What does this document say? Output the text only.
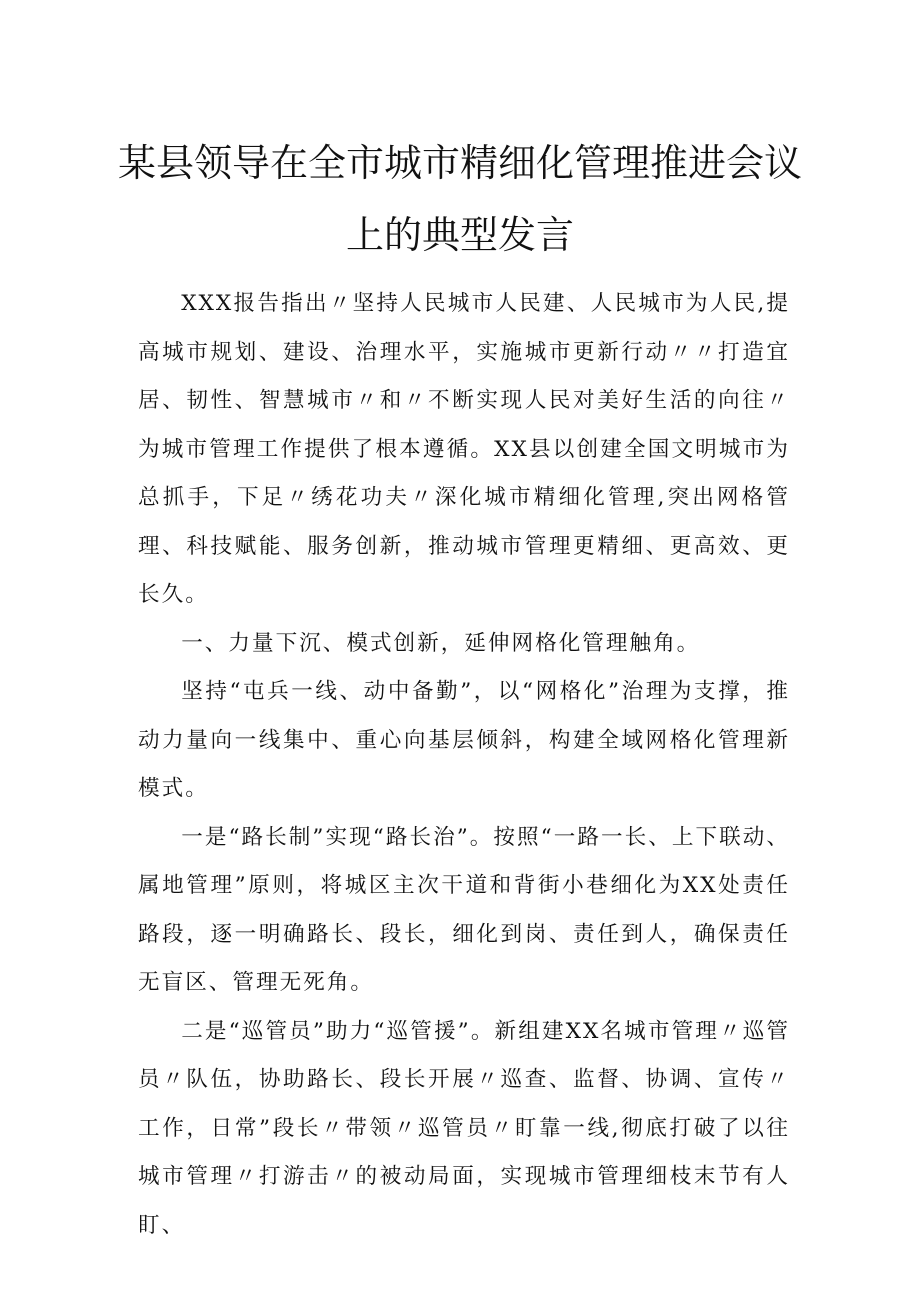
某县领导在全市城市精细化管理推进会议
上的典型发言

XXX报告指出〃坚持人民城市人民建、人民城市为人民,提高城市规划、建设、治理水平，实施城市更新行动〃〃打造宜居、韧性、智慧城市〃和〃不断实现人民对美好生活的向往〃为城市管理工作提供了根本遵循。XX县以创建全国文明城市为总抓手，下足〃绣花功夫〃深化城市精细化管理,突出网格管理、科技赋能、服务创新，推动城市管理更精细、更高效、更长久。

一、力量下沉、模式创新，延伸网格化管理触角。

坚持“屯兵一线、动中备勤”，以“网格化”治理为支撑，推动力量向一线集中、重心向基层倾斜，构建全域网格化管理新模式。

一是“路长制”实现“路长治”。按照“一路一长、上下联动、属地管理”原则，将城区主次干道和背街小巷细化为XX处责任路段，逐一明确路长、段长，细化到岗、责任到人，确保责任无盲区、管理无死角。

二是“巡管员”助力“巡管援”。新组建XX名城市管理〃巡管员〃队伍，协助路长、段长开展〃巡查、监督、协调、宣传〃工作，日常”段长〃带领〃巡管员〃盯靠一线,彻底打破了以往城市管理〃打游击〃的被动局面，实现城市管理细枝末节有人盯、
